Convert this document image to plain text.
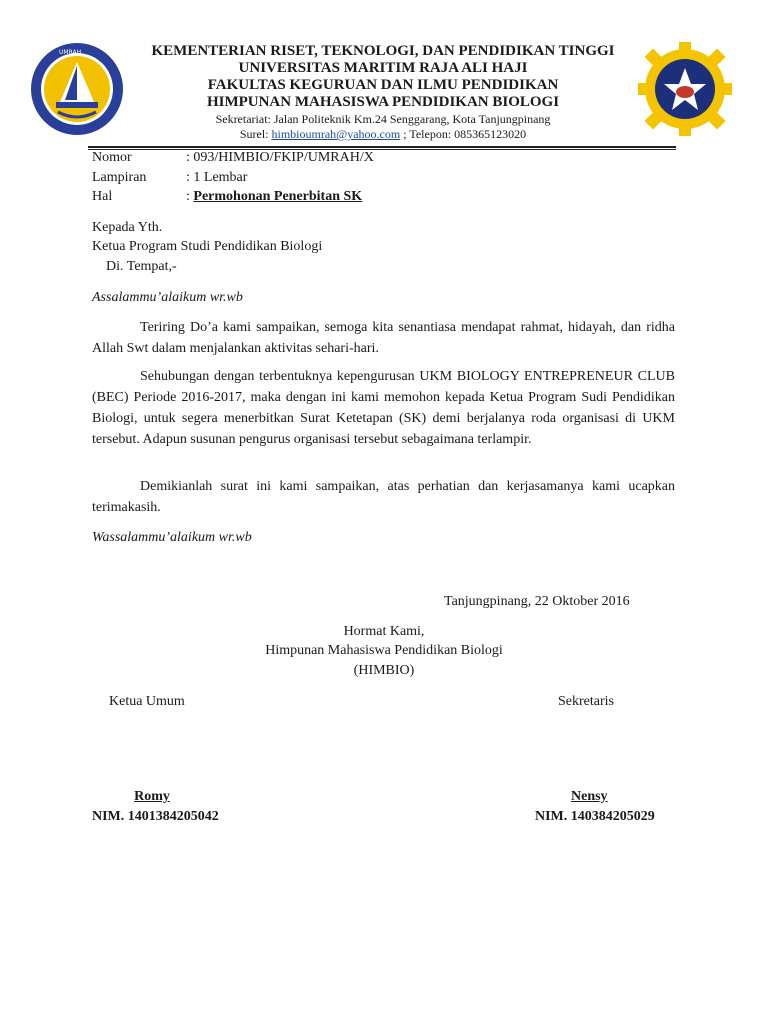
UMRAH	KEMENTERIAN RISET, TEKNOLOGI, DAN PENDIDIKAN TINGGI
UNIVERSITAS MARITIM RAJA ALI HAJI
FAKULTAS KEGURUAN DAN ILMU PENDIDIKAN
HIMPUNAN MAHASISWA PENDIDIKAN BIOLOGI
Sekretariat: Jalan Politeknik Km.24 Senggarang, Kota Tanjungpinang
Surel: himbioumrah@yahoo.com ; Telepon: 085365123020
Nomor	: 093/HIMBIO/FKIP/UMRAH/X
Lampiran	: 1 Lembar
Hal	: Permohonan Penerbitan SK
Kepada Yth.
Ketua Program Studi Pendidikan Biologi
Di. Tempat,-
Assalammu’alaikum wr.wb

Teriring Do’a kami sampaikan, semoga kita senantiasa mendapat rahmat, hidayah, dan ridha Allah Swt dalam menjalankan aktivitas sehari-hari.

Sehubungan dengan terbentuknya kepengurusan UKM BIOLOGY ENTREPRENEUR CLUB (BEC) Periode 2016-2017, maka dengan ini kami memohon kepada Ketua Program Sudi Pendidikan Biologi, untuk segera menerbitkan Surat Ketetapan (SK) demi berjalanya roda organisasi di UKM tersebut. Adapun susunan pengurus organisasi tersebut sebagaimana terlampir.

Demikianlah surat ini kami sampaikan, atas perhatian dan kerjasamanya kami ucapkan terimakasih.

Wassalammu’alaikum wr.wb
Tanjungpinang, 22 Oktober 2016
Hormat Kami,
Himpunan Mahasiswa Pendidikan Biologi
(HIMBIO)
Ketua Umum	Sekretaris
Romy
NIM. 1401384205042
Nensy
NIM. 140384205029
